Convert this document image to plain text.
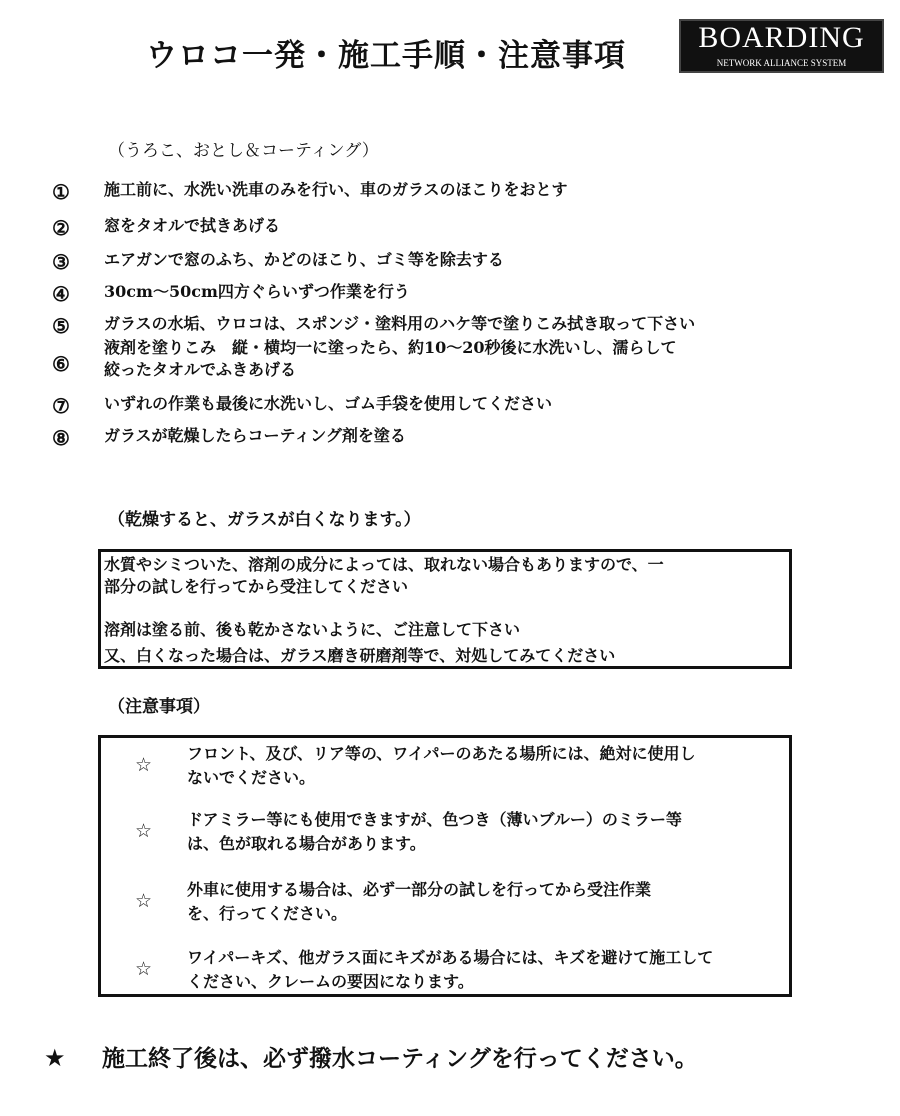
ウロコ一発・施工手順・注意事項
BOARDING
NETWORK ALLIANCE SYSTEM
（うろこ、おとし＆コーティング）
①	施工前に、水洗い洗車のみを行い、車のガラスのほこりをおとす
②	窓をタオルで拭きあげる
③	エアガンで窓のふち、かどのほこり、ゴミ等を除去する
④	30cm～50cm四方ぐらいずつ作業を行う
⑤	ガラスの水垢、ウロコは、スポンジ・塗料用のハケ等で塗りこみ拭き取って下さい
⑥
液剤を塗りこみ　縦・横均一に塗ったら、約10～20秒後に水洗いし、濡らして
絞ったタオルでふきあげる
⑦	いずれの作業も最後に水洗いし、ゴム手袋を使用してください
⑧	ガラスが乾燥したらコーティング剤を塗る
（乾燥すると、ガラスが白くなります。）
水質やシミついた、溶剤の成分によっては、取れない場合もありますので、一
部分の試しを行ってから受注してください
溶剤は塗る前、後も乾かさないように、ご注意して下さい
又、白くなった場合は、ガラス磨き研磨剤等で、対処してみてください
（注意事項）
☆
フロント、及び、リア等の、ワイパーのあたる場所には、絶対に使用し
ないでください。
☆
ドアミラー等にも使用できますが、色つき（薄いブルー）のミラー等
は、色が取れる場合があります。
☆
外車に使用する場合は、必ず一部分の試しを行ってから受注作業
を、行ってください。
☆
ワイパーキズ、他ガラス面にキズがある場合には、キズを避けて施工して
ください、クレームの要因になります。
★ 施工終了後は、必ず撥水コーティングを行ってください。
